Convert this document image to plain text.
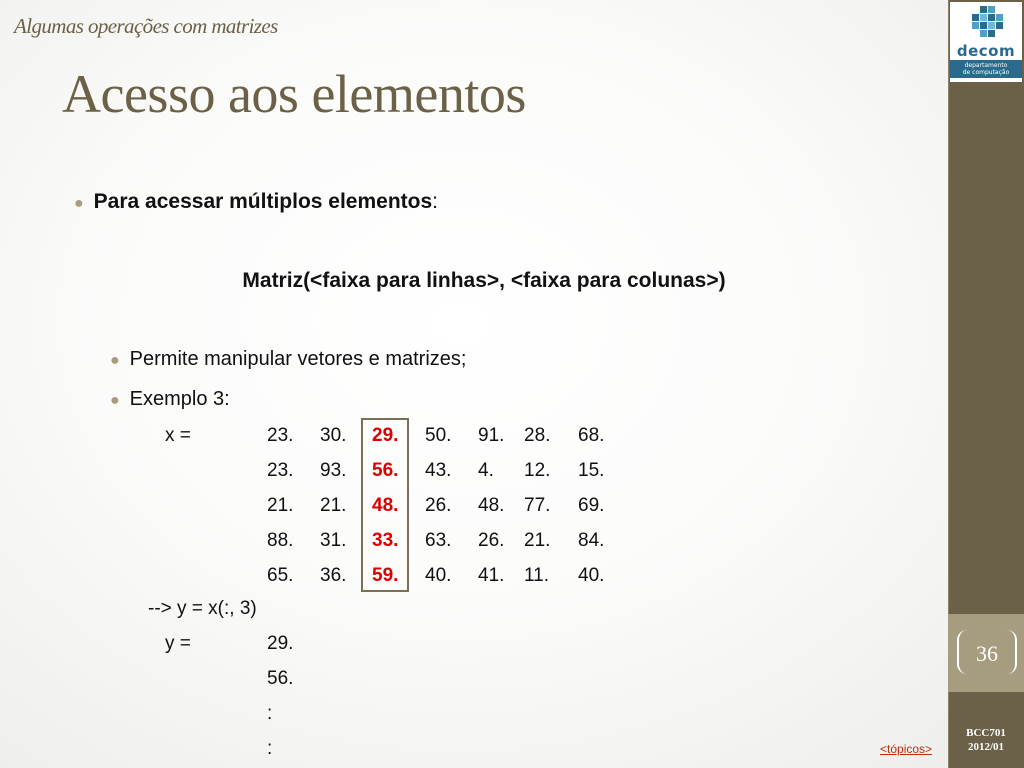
decom
departamento
de computação
36
BCC701
2012/01
Algumas operações com matrizes
Acesso aos elementos
● Para acessar múltiplos elementos:
Matriz(<faixa para linhas>, <faixa para colunas>)
● Permite manipular vetores e matrizes;
● Exemplo 3:
x =	23. 30. 29. 50. 91. 28. 68.
23. 93. 56. 43. 4. 12. 15.
21. 21. 48. 26. 48. 77. 69.
88. 31. 33. 63. 26. 21. 84.
65. 36. 59. 40. 41. 11. 40.
--> y = x(:, 3)
y =	29.
56.
:
:	<tópicos>
